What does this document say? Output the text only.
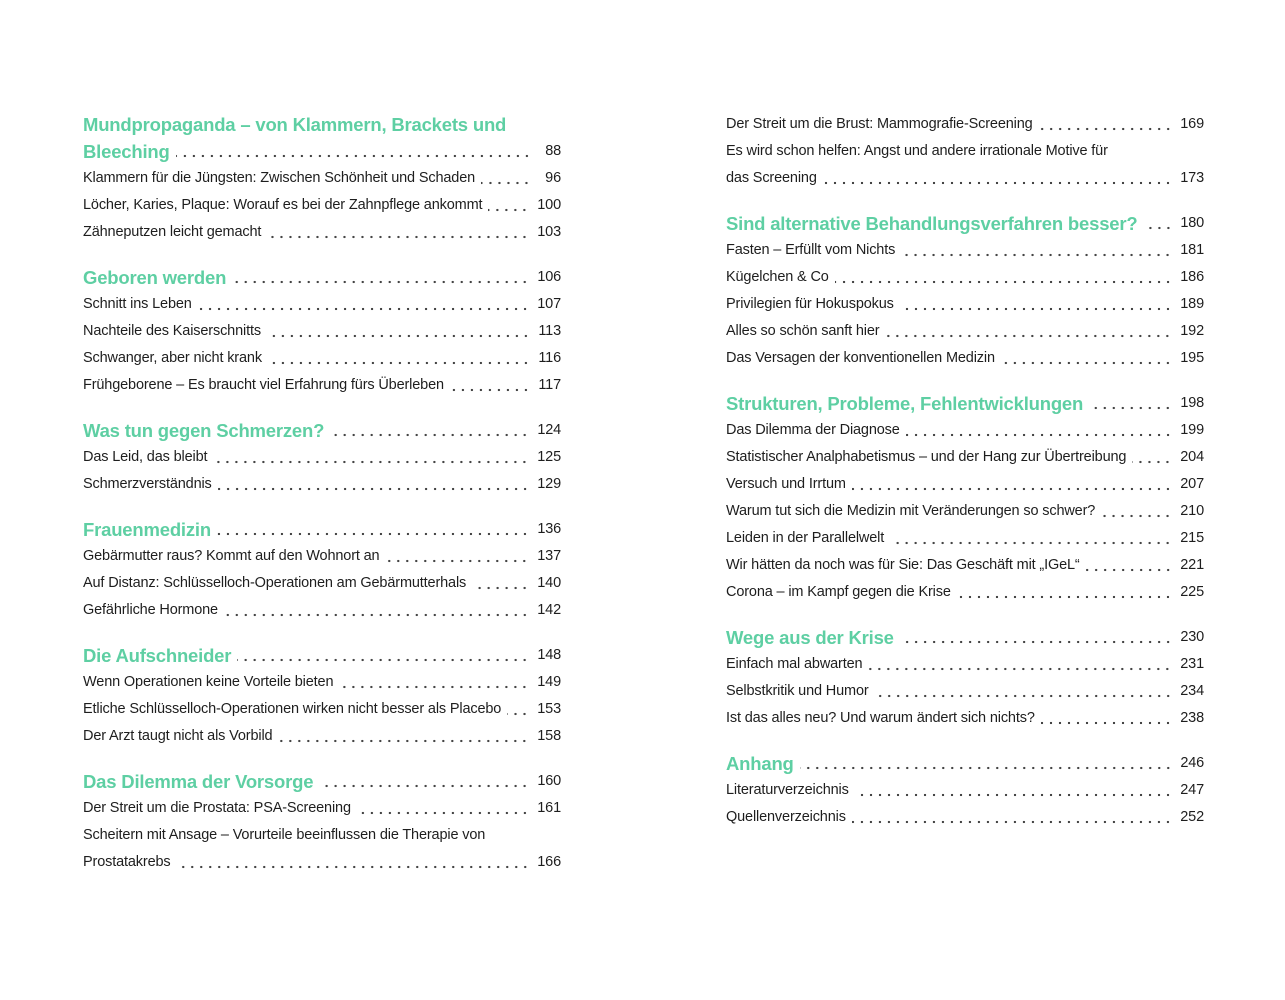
Mundpropaganda – von Klammern, Brackets und
Bleeching	88
Klammern für die Jüngsten: Zwischen Schönheit und Schaden	96
Löcher, Karies, Plaque: Worauf es bei der Zahnpflege ankommt	100
Zähneputzen leicht gemacht	103
Geboren werden	106
Schnitt ins Leben	107
Nachteile des Kaiserschnitts	113
Schwanger, aber nicht krank	116
Frühgeborene – Es braucht viel Erfahrung fürs Überleben	117
Was tun gegen Schmerzen?	124
Das Leid, das bleibt	125
Schmerzverständnis	129
Frauenmedizin	136
Gebärmutter raus? Kommt auf den Wohnort an	137
Auf Distanz: Schlüsselloch-Operationen am Gebärmutterhals	140
Gefährliche Hormone	142
Die Aufschneider	148
Wenn Operationen keine Vorteile bieten	149
Etliche Schlüsselloch-Operationen wirken nicht besser als Placebo	153
Der Arzt taugt nicht als Vorbild	158
Das Dilemma der Vorsorge	160
Der Streit um die Prostata: PSA-Screening	161
Scheitern mit Ansage – Vorurteile beeinflussen die Therapie von
Prostatakrebs	166
Der Streit um die Brust: Mammografie-Screening	169
Es wird schon helfen: Angst und andere irrationale Motive für
das Screening	173
Sind alternative Behandlungsverfahren besser?	180
Fasten – Erfüllt vom Nichts	181
Kügelchen & Co	186
Privilegien für Hokuspokus	189
Alles so schön sanft hier	192
Das Versagen der konventionellen Medizin	195
Strukturen, Probleme, Fehlentwicklungen	198
Das Dilemma der Diagnose	199
Statistischer Analphabetismus – und der Hang zur Übertreibung	204
Versuch und Irrtum	207
Warum tut sich die Medizin mit Veränderungen so schwer?	210
Leiden in der Parallelwelt	215
Wir hätten da noch was für Sie: Das Geschäft mit „IGeL“	221
Corona – im Kampf gegen die Krise	225
Wege aus der Krise	230
Einfach mal abwarten	231
Selbstkritik und Humor	234
Ist das alles neu? Und warum ändert sich nichts?	238
Anhang	246
Literaturverzeichnis	247
Quellenverzeichnis	252
